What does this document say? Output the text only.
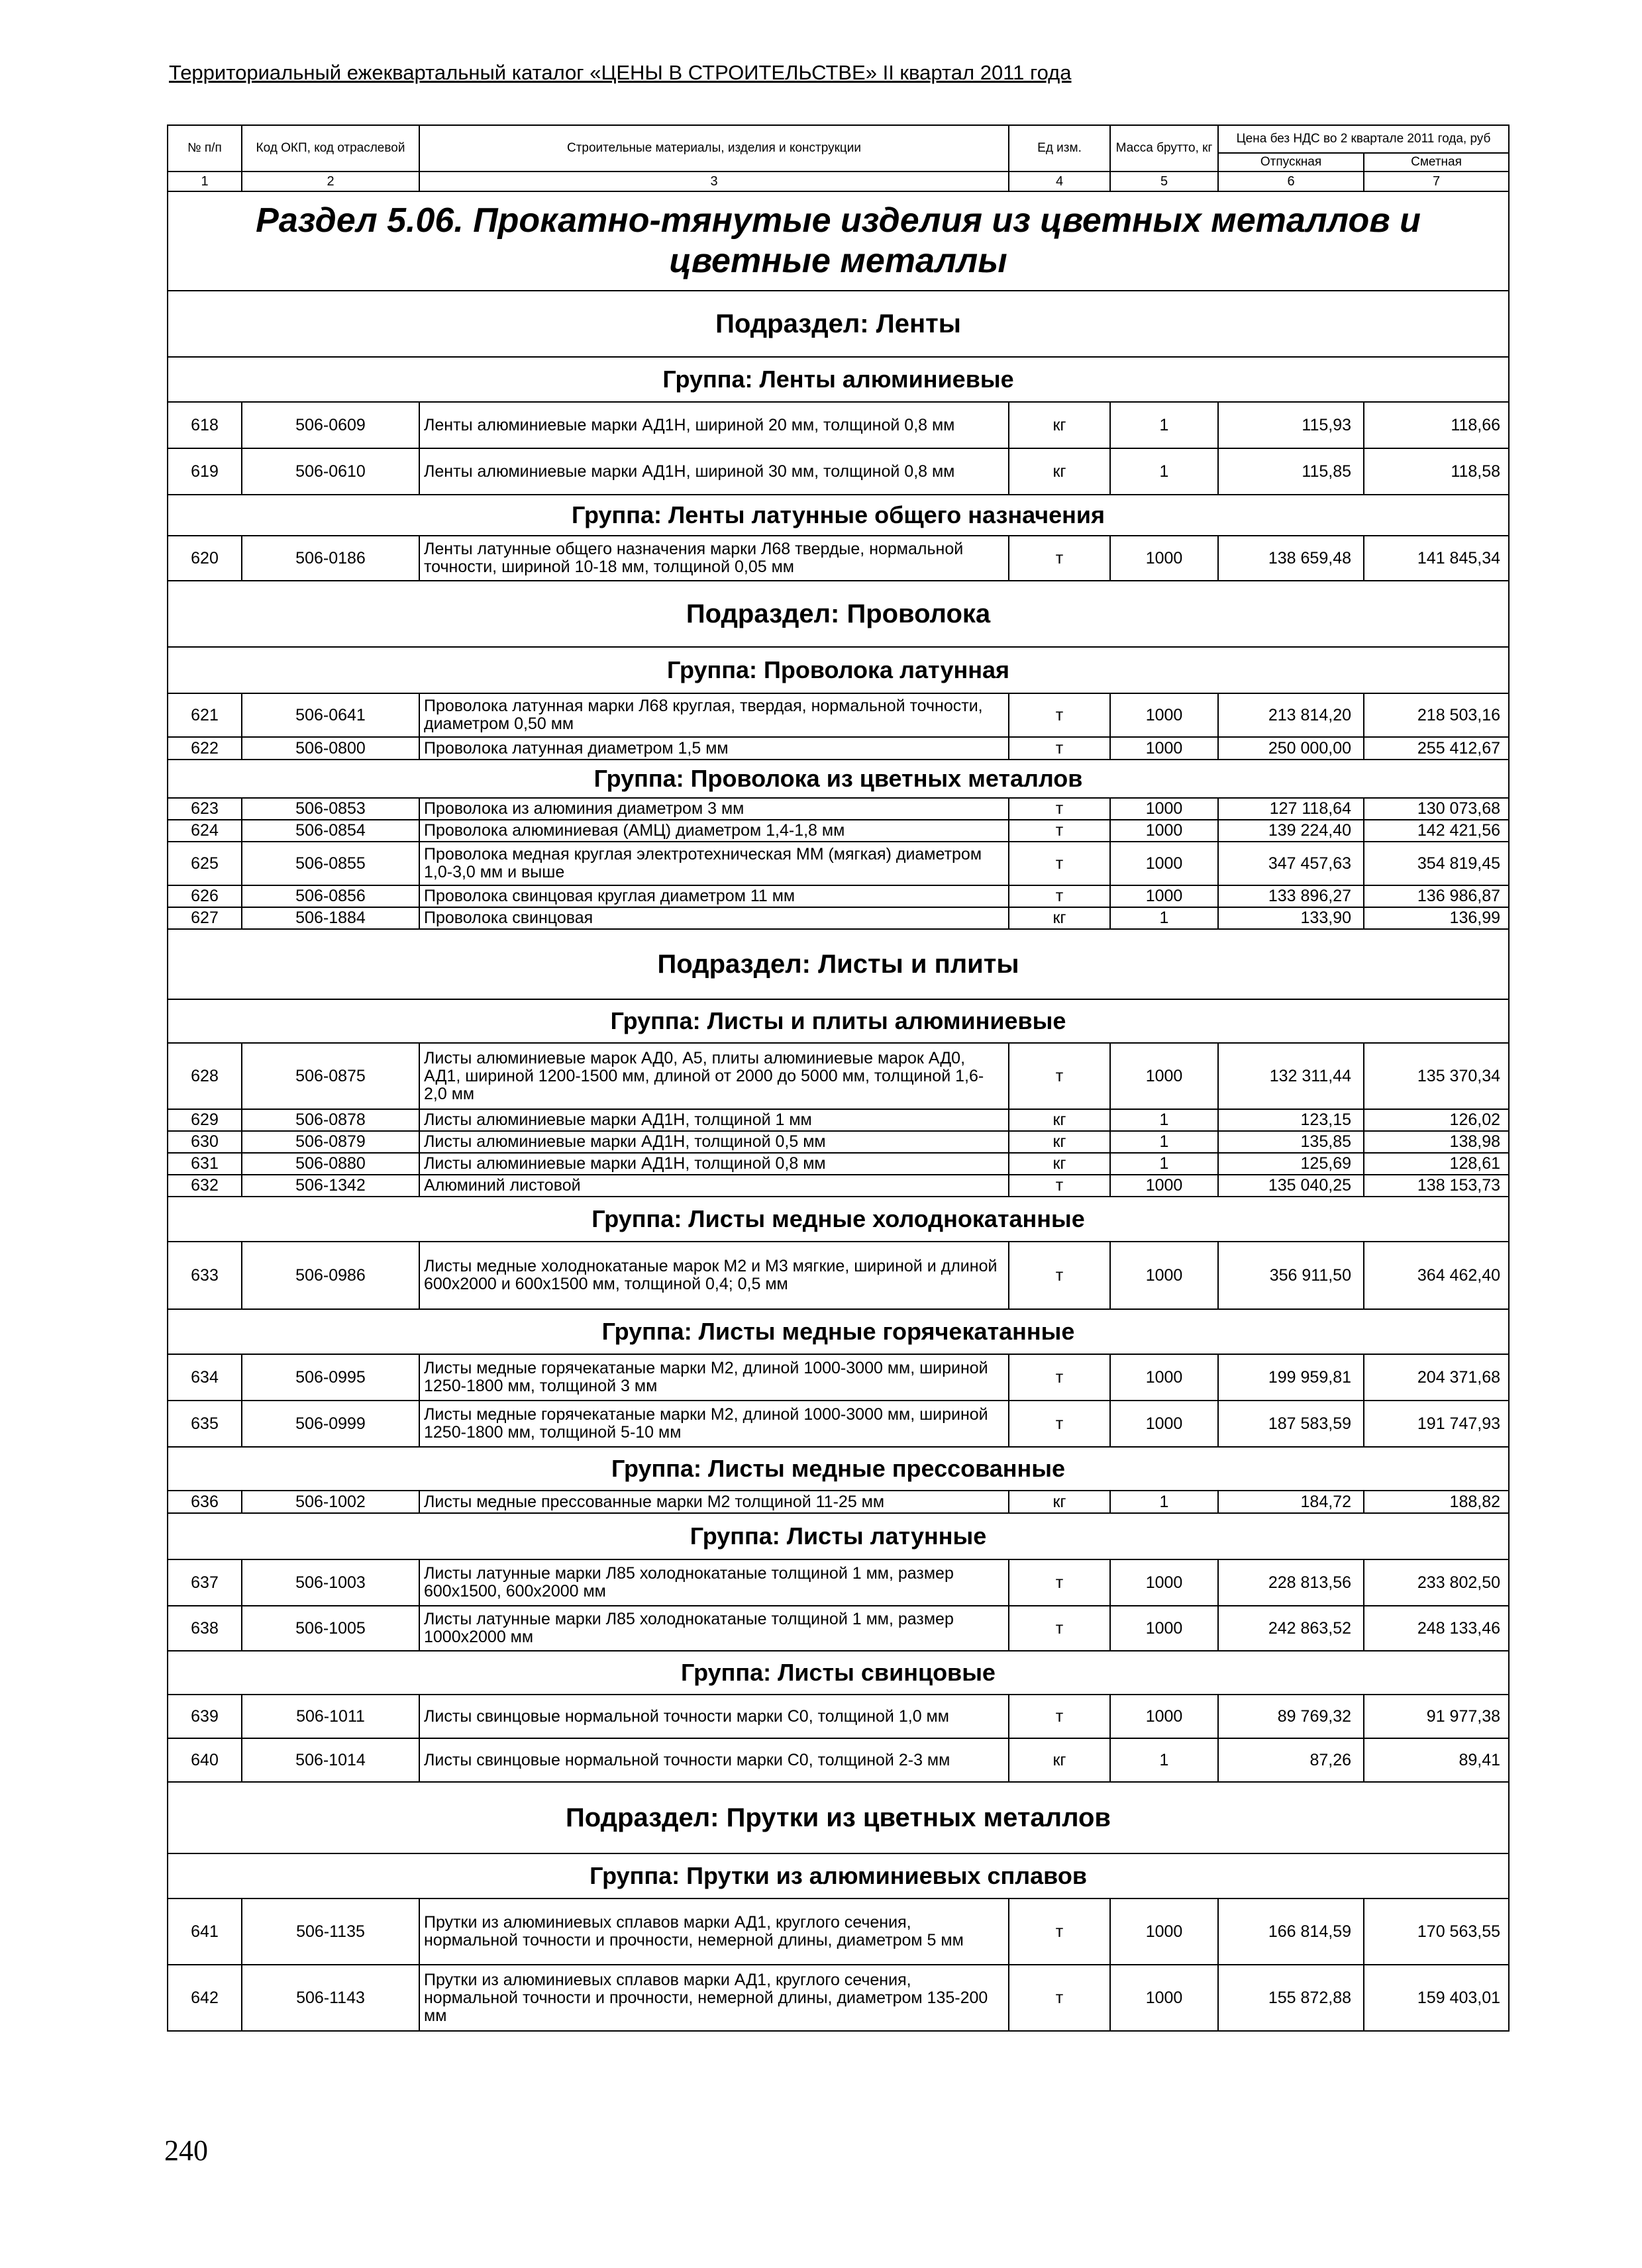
Территориальный ежеквартальный каталог «ЦЕНЫ В СТРОИТЕЛЬСТВЕ» II квартал 2011 года
№ п/п	Код ОКП, код отраслевой	Строительные материалы, изделия и конструкции	Ед изм.	Масса брутто, кг	Цена без НДС во 2 квартале 2011 года, руб	
					Отпускная	Сметная
1	2	3	4	5	6	7
Раздел 5.06. Прокатно-тянутые изделия из цветных металлов и цветные металлы						
Подраздел: Ленты						
Группа: Ленты алюминиевые						
618	506-0609	Ленты алюминиевые марки АД1Н, шириной 20 мм, толщиной 0,8 мм	кг	1	115,93	118,66
619	506-0610	Ленты алюминиевые марки АД1Н, шириной 30 мм, толщиной 0,8 мм	кг	1	115,85	118,58
Группа: Ленты латунные общего назначения						
620	506-0186	Ленты латунные общего назначения марки Л68 твердые, нормальной точности, шириной 10-18 мм, толщиной 0,05 мм	т	1000	138 659,48	141 845,34
Подраздел: Проволока						
Группа: Проволока латунная						
621	506-0641	Проволока латунная марки Л68 круглая, твердая, нормальной точности, диаметром 0,50 мм	т	1000	213 814,20	218 503,16
622	506-0800	Проволока латунная диаметром 1,5 мм	т	1000	250 000,00	255 412,67
Группа: Проволока из цветных металлов						
623	506-0853	Проволока из алюминия диаметром 3 мм	т	1000	127 118,64	130 073,68
624	506-0854	Проволока алюминиевая (АМЦ) диаметром 1,4-1,8 мм	т	1000	139 224,40	142 421,56
625	506-0855	Проволока медная круглая электротехническая ММ (мягкая) диаметром 1,0-3,0 мм и выше	т	1000	347 457,63	354 819,45
626	506-0856	Проволока свинцовая круглая диаметром 11 мм	т	1000	133 896,27	136 986,87
627	506-1884	Проволока свинцовая	кг	1	133,90	136,99
Подраздел: Листы и плиты						
Группа: Листы и плиты алюминиевые						
628	506-0875	Листы алюминиевые марок АД0, А5, плиты алюминиевые марок АД0, АД1, шириной 1200-1500 мм, длиной от 2000 до 5000 мм, толщиной 1,6-2,0 мм	т	1000	132 311,44	135 370,34
629	506-0878	Листы алюминиевые марки АД1Н, толщиной 1 мм	кг	1	123,15	126,02
630	506-0879	Листы алюминиевые марки АД1Н, толщиной 0,5 мм	кг	1	135,85	138,98
631	506-0880	Листы алюминиевые марки АД1Н, толщиной 0,8 мм	кг	1	125,69	128,61
632	506-1342	Алюминий листовой	т	1000	135 040,25	138 153,73
Группа: Листы медные холоднокатанные						
633	506-0986	Листы медные холоднокатаные марок М2 и М3 мягкие, шириной и длиной 600х2000 и 600х1500 мм, толщиной 0,4; 0,5 мм	т	1000	356 911,50	364 462,40
Группа: Листы медные горячекатанные						
634	506-0995	Листы медные горячекатаные марки М2, длиной 1000-3000 мм, шириной 1250-1800 мм, толщиной 3 мм	т	1000	199 959,81	204 371,68
635	506-0999	Листы медные горячекатаные марки М2, длиной 1000-3000 мм, шириной 1250-1800 мм, толщиной 5-10 мм	т	1000	187 583,59	191 747,93
Группа: Листы медные прессованные						
636	506-1002	Листы медные прессованные марки М2 толщиной 11-25 мм	кг	1	184,72	188,82
Группа: Листы латунные						
637	506-1003	Листы латунные марки Л85 холоднокатаные толщиной 1 мм, размер 600х1500, 600х2000 мм	т	1000	228 813,56	233 802,50
638	506-1005	Листы латунные марки Л85 холоднокатаные толщиной 1 мм, размер 1000х2000 мм	т	1000	242 863,52	248 133,46
Группа: Листы свинцовые						
639	506-1011	Листы свинцовые нормальной точности марки С0, толщиной 1,0 мм	т	1000	89 769,32	91 977,38
640	506-1014	Листы свинцовые нормальной точности марки С0, толщиной 2-3 мм	кг	1	87,26	89,41
Подраздел: Прутки из цветных металлов						
Группа: Прутки из алюминиевых сплавов						
641	506-1135	Прутки из алюминиевых сплавов марки АД1, круглого сечения, нормальной точности и прочности, немерной длины, диаметром 5 мм	т	1000	166 814,59	170 563,55
642	506-1143	Прутки из алюминиевых сплавов марки АД1, круглого сечения, нормальной точности и прочности, немерной длины, диаметром 135-200 мм	т	1000	155 872,88	159 403,01
240
